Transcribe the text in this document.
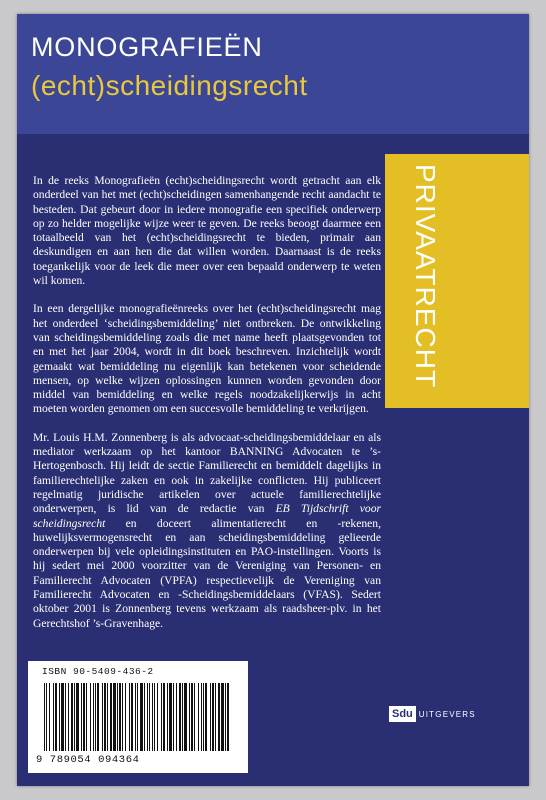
MONOGRAFIEËN
(echt)scheidingsrecht
PRIVAATRECHT

In de reeks Monografieën (echt)scheidingsrecht wordt getracht aan elk onderdeel van het met (echt)scheidingen samenhangende recht aandacht te besteden. Dat gebeurt door in iedere monografie een specifiek onderwerp op zo helder mogelijke wijze weer te geven. De reeks beoogt daarmee een totaalbeeld van het (echt)scheidingsrecht te bieden, primair aan deskundigen en aan hen die dat willen worden. Daarnaast is de reeks toegankelijk voor de leek die meer over een bepaald onderwerp te weten wil komen.

In een dergelijke monografieënreeks over het (echt)scheidingsrecht mag het onderdeel ‘scheidingsbemiddeling’ niet ontbreken. De ontwikkeling van scheidingsbemiddeling zoals die met name heeft plaatsgevonden tot en met het jaar 2004, wordt in dit boek beschreven. Inzichtelijk wordt gemaakt wat bemiddeling nu eigenlijk kan betekenen voor scheidende mensen, op welke wijzen oplossingen kunnen worden gevonden door middel van bemiddeling en welke regels noodzakelijkerwijs in acht moeten worden genomen om een succesvolle bemiddeling te verkrijgen.

Mr. Louis H.M. Zonnenberg is als advocaat-scheidingsbemiddelaar en als mediator werkzaam op het kantoor BANNING Advocaten te ’s-Hertogenbosch. Hij leidt de sectie Familierecht en bemiddelt dagelijks in familierechtelijke zaken en ook in zakelijke conflicten. Hij publiceert regelmatig juridische artikelen over actuele familierechtelijke onderwerpen, is lid van de redactie van EB Tijdschrift voor scheidingsrecht en doceert alimentatierecht en -rekenen, huwelijksvermogensrecht en aan scheidingsbemiddeling gelieerde onderwerpen bij vele opleidingsinstituten en PAO-instellingen. Voorts is hij sedert mei 2000 voorzitter van de Vereniging van Personen- en Familierecht Advocaten (VPFA) respectievelijk de Vereniging van Familierecht Advocaten en -Scheidingsbemiddelaars (VFAS). Sedert oktober 2001 is Zonnenberg tevens werkzaam als raadsheer-plv. in het Gerechtshof ’s-Gravenhage.

ISBN 90-5409-436-2
9 789054 094364
Sdu UITGEVERS
